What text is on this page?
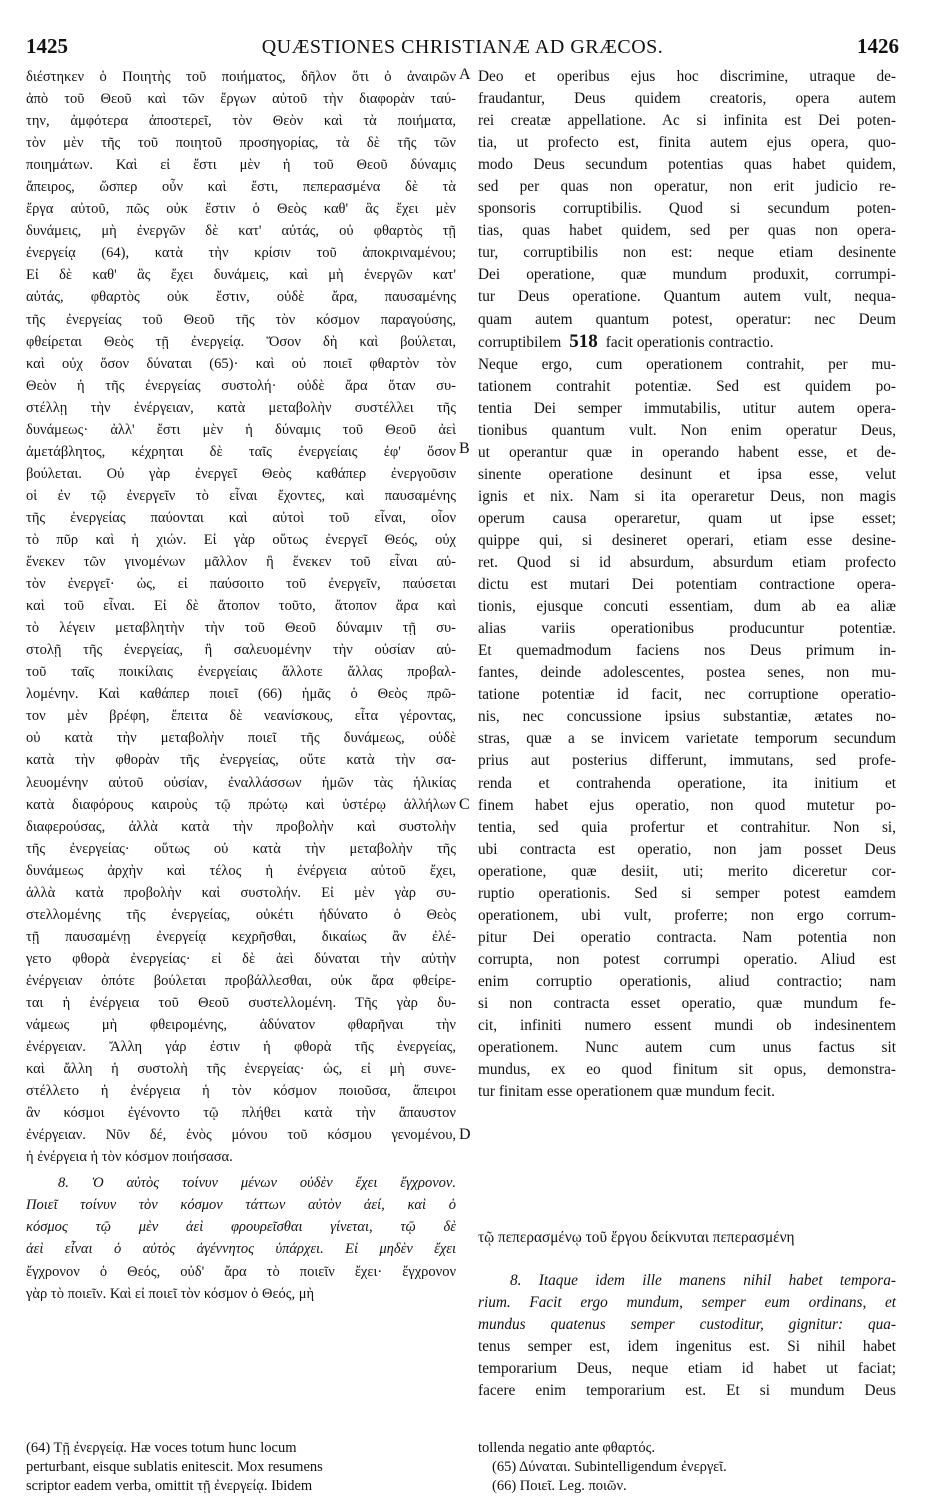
1425	QUÆSTIONES CHRISTIANÆ AD GRÆCOS.	1426
διέστηκεν ὁ Ποιητὴς τοῦ ποιήματος, δῆλον ὅτι ὁ ἀναιρῶν
ἀπὸ τοῦ Θεοῦ καὶ τῶν ἔργων αὐτοῦ τὴν διαφορὰν ταύ-
την, ἀμφότερα ἀποστερεῖ, τὸν Θεὸν καὶ τὰ ποιήματα,
τὸν μὲν τῆς τοῦ ποιητοῦ προσηγορίας, τὰ δὲ τῆς τῶν
ποιημάτων. Καὶ εἰ ἔστι μὲν ἡ τοῦ Θεοῦ δύναμις
ἄπειρος, ὥσπερ οὖν καὶ ἔστι, πεπερασμένα δὲ τὰ
ἔργα αὐτοῦ, πῶς οὐκ ἔστιν ὁ Θεὸς καθ' ἃς ἔχει μὲν
δυνάμεις, μὴ ἐνεργῶν δὲ κατ' αὐτάς, οὐ φθαρτὸς τῇ
ἐνεργείᾳ (64), κατὰ τὴν κρίσιν τοῦ ἀποκριναμένου;
Εἰ δὲ καθ' ἃς ἔχει δυνάμεις, καὶ μὴ ἐνεργῶν κατ'
αὐτάς, φθαρτὸς οὐκ ἔστιν, οὐδὲ ἄρα, παυσαμένης
τῆς ἐνεργείας τοῦ Θεοῦ τῆς τὸν κόσμον παραγούσης,
φθείρεται Θεὸς τῇ ἐνεργείᾳ. Ὅσον δὴ καὶ βούλεται,
καὶ οὐχ ὅσον δύναται (65)· καὶ οὐ ποιεῖ φθαρτὸν τὸν
Θεὸν ἡ τῆς ἐνεργείας συστολή· οὐδὲ ἄρα ὅταν συ-
στέλλῃ τὴν ἐνέργειαν, κατὰ μεταβολὴν συστέλλει τῆς
δυνάμεως· ἀλλ' ἔστι μὲν ἡ δύναμις τοῦ Θεοῦ ἀεὶ
ἀμετάβλητος, κέχρηται δὲ ταῖς ἐνεργείαις ἐφ' ὅσον
βούλεται. Οὐ γὰρ ἐνεργεῖ Θεὸς καθάπερ ἐνεργοῦσιν
οἱ ἐν τῷ ἐνεργεῖν τὸ εἶναι ἔχοντες, καὶ παυσαμένης
τῆς ἐνεργείας παύονται καὶ αὐτοὶ τοῦ εἶναι, οἷον
τὸ πῦρ καὶ ἡ χιών. Εἰ γὰρ οὕτως ἐνεργεῖ Θεός, οὐχ
ἕνεκεν τῶν γινομένων μᾶλλον ἢ ἕνεκεν τοῦ εἶναι αὐ-
τὸν ἐνεργεῖ· ὡς, εἰ παύσοιτο τοῦ ἐνεργεῖν, παύσεται
καὶ τοῦ εἶναι. Εἰ δὲ ἄτοπον τοῦτο, ἄτοπον ἄρα καὶ
τὸ λέγειν μεταβλητὴν τὴν τοῦ Θεοῦ δύναμιν τῇ συ-
στολῇ τῆς ἐνεργείας, ἢ σαλευομένην τὴν οὐσίαν αὐ-
τοῦ ταῖς ποικίλαις ἐνεργείαις ἄλλοτε ἄλλας προβαλ-
λομένην. Καὶ καθάπερ ποιεῖ (66) ἡμᾶς ὁ Θεὸς πρῶ-
τον μὲν βρέφη, ἔπειτα δὲ νεανίσκους, εἶτα γέροντας,
οὐ κατὰ τὴν μεταβολὴν ποιεῖ τῆς δυνάμεως, οὐδὲ
κατὰ τὴν φθορὰν τῆς ἐνεργείας, οὔτε κατὰ τὴν σα-
λευομένην αὐτοῦ οὐσίαν, ἐναλλάσσων ἡμῶν τὰς ἡλικίας
κατὰ διαφόρους καιροὺς τῷ πρώτῳ καὶ ὑστέρῳ ἀλλήλων
διαφερούσας, ἀλλὰ κατὰ τὴν προβολὴν καὶ συστολὴν
τῆς ἐνεργείας· οὕτως οὐ κατὰ τὴν μεταβολὴν τῆς
δυνάμεως ἀρχὴν καὶ τέλος ἡ ἐνέργεια αὐτοῦ ἔχει,
ἀλλὰ κατὰ προβολὴν καὶ συστολήν. Εἰ μὲν γὰρ συ-
στελλομένης τῆς ἐνεργείας, οὐκέτι ἠδύνατο ὁ Θεὸς
τῇ παυσαμένῃ ἐνεργείᾳ κεχρῆσθαι, δικαίως ἂν ἐλέ-
γετο φθορὰ ἐνεργείας· εἰ δὲ ἀεὶ δύναται τὴν αὐτὴν
ἐνέργειαν ὁπότε βούλεται προβάλλεσθαι, οὐκ ἄρα φθείρε-
ται ἡ ἐνέργεια τοῦ Θεοῦ συστελλομένη. Τῆς γὰρ δυ-
νάμεως μὴ φθειρομένης, ἀδύνατον φθαρῆναι τὴν
ἐνέργειαν. Ἄλλη γάρ ἐστιν ἡ φθορὰ τῆς ἐνεργείας,
καὶ ἄλλη ἡ συστολὴ τῆς ἐνεργείας· ὡς, εἰ μὴ συνε-
στέλλετο ἡ ἐνέργεια ἡ τὸν κόσμον ποιοῦσα, ἄπειροι
ἂν κόσμοι ἐγένοντο τῷ πλήθει κατὰ τὴν ἄπαυστον
ἐνέργειαν. Νῦν δέ, ἑνὸς μόνου τοῦ κόσμου γενομένου,
ἡ ἐνέργεια ἡ τὸν κόσμον ποιήσασα.
8. Ὁ αὐτὸς τοίνυν μένων οὐδὲν ἔχει ἔγχρονον.
Ποιεῖ τοίνυν τὸν κόσμον τάττων αὐτὸν ἀεί, καὶ ὁ
κόσμος τῷ μὲν ἀεὶ φρουρεῖσθαι γίνεται, τῷ δὲ
ἀεὶ εἶναι ὁ αὐτὸς ἀγέννητος ὑπάρχει. Εἰ μηδὲν ἔχει
ἔγχρονον ὁ Θεός, οὐδ' ἄρα τὸ ποιεῖν ἔχει· ἔγχρονον
γὰρ τὸ ποιεῖν. Καὶ εἰ ποιεῖ τὸν κόσμον ὁ Θεός, μὴ
Deo et operibus ejus hoc discrimine, utraque de-
fraudantur, Deus quidem creatoris, opera autem
rei creatæ appellatione. Ac si infinita est Dei poten-
tia, ut profecto est, finita autem ejus opera, quo-
modo Deus secundum potentias quas habet quidem,
sed per quas non operatur, non erit judicio re-
sponsoris corruptibilis. Quod si secundum poten-
tias, quas habet quidem, sed per quas non opera-
tur, corruptibilis non est: neque etiam desinente
Dei operatione, quæ mundum produxit, corrumpi-
tur Deus operatione. Quantum autem vult, nequa-
quam autem quantum potest, operatur: nec Deum
corruptibilem 518 facit operationis contractio.
Neque ergo, cum operationem contrahit, per mu-
tationem contrahit potentiæ. Sed est quidem po-
tentia Dei semper immutabilis, utitur autem opera-
tionibus quantum vult. Non enim operatur Deus,
ut operantur quæ in operando habent esse, et de-
sinente operatione desinunt et ipsa esse, velut
ignis et nix. Nam si ita operaretur Deus, non magis
operum causa operaretur, quam ut ipse esset;
quippe qui, si desineret operari, etiam esse desine-
ret. Quod si id absurdum, absurdum etiam profecto
dictu est mutari Dei potentiam contractione opera-
tionis, ejusque concuti essentiam, dum ab ea aliæ
alias variis operationibus producuntur potentiæ.
Et quemadmodum faciens nos Deus primum in-
fantes, deinde adolescentes, postea senes, non mu-
tatione potentiæ id facit, nec corruptione operatio-
nis, nec concussione ipsius substantiæ, ætates no-
stras, quæ a se invicem varietate temporum secundum
prius aut posterius differunt, immutans, sed profe-
renda et contrahenda operatione, ita initium et
finem habet ejus operatio, non quod mutetur po-
tentia, sed quia profertur et contrahitur. Non si,
ubi contracta est operatio, non jam posset Deus
operatione, quæ desiit, uti; merito diceretur cor-
ruptio operationis. Sed si semper potest eamdem
operationem, ubi vult, proferre; non ergo corrum-
pitur Dei operatio contracta. Nam potentia non
corrupta, non potest corrumpi operatio. Aliud est
enim corruptio operationis, aliud contractio; nam
si non contracta esset operatio, quæ mundum fe-
cit, infiniti numero essent mundi ob indesinentem
operationem. Nunc autem cum unus factus sit
mundus, ex eo quod finitum sit opus, demonstra-
tur finitam esse operationem quæ mundum fecit.
A
B
C
D
τῷ πεπερασμένῳ τοῦ ἔργου δείκνυται πεπερασμένη
8. Itaque idem ille manens nihil habet tempora-
rium. Facit ergo mundum, semper eum ordinans, et
mundus quatenus semper custoditur, gignitur: qua-
tenus semper est, idem ingenitus est. Si nihil habet
temporarium Deus, neque etiam id habet ut faciat;
facere enim temporarium est. Et si mundum Deus
(64) Τῇ ἐνεργείᾳ. Hæ voces totum hunc locum
perturbant, eisque sublatis enitescit. Mox resumens
scriptor eadem verba, omittit τῇ ἐνεργείᾳ. Ibidem
tollenda negatio ante φθαρτός.
(65) Δύναται. Subintelligendum ἐνεργεῖ.
(66) Ποιεῖ. Leg. ποιῶν.
